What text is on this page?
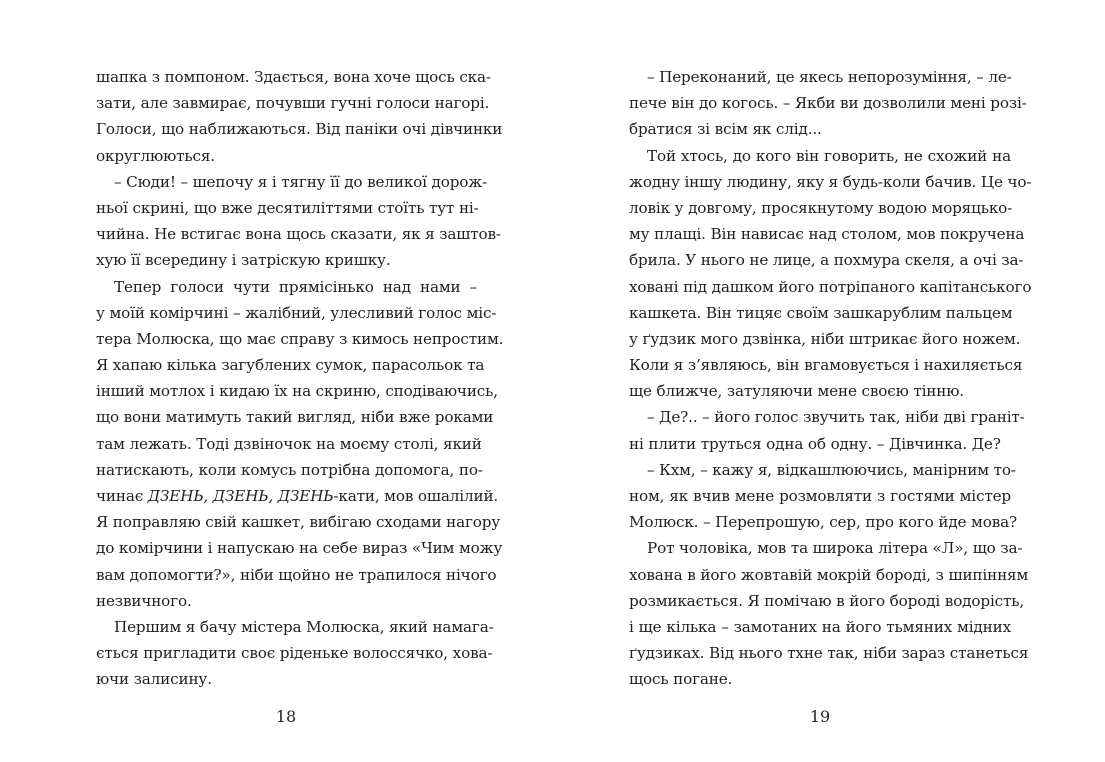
шапка з помпоном. Здається, вона хоче щось ска-
зати, але завмирає, почувши гучні голоси нагорі.
Голоси, що наближаються. Від паніки очі дівчинки
округлюються.
– Сюди! – шепочу я і тягну її до великої дорож-
ньої скрині, що вже десятиліттями стоїть тут ні-
чийна. Не встигає вона щось сказати, як я заштов-
хую її всередину і затріскую кришку.
Тепер голоси чути прямісінько над нами –
у моїй комірчині – жалібний, улесливий голос міс-
тера Молюска, що має справу з кимось непростим.
Я хапаю кілька загублених сумок, парасольок та
інший мотлох і кидаю їх на скриню, сподіваючись,
що вони матимуть такий вигляд, ніби вже роками
там лежать. Тоді дзвіночок на моєму столі, який
натискають, коли комусь потрібна допомога, по-
чинає ДЗЕНЬ, ДЗЕНЬ, ДЗЕНЬ-кати, мов ошалілий.
Я поправляю свій кашкет, вибігаю сходами нагору
до комірчини і напускаю на себе вираз «Чим можу
вам допомогти?», ніби щойно не трапилося нічого
незвичного.
Першим я бачу містера Молюска, який намага-
ється пригладити своє ріденьке волоссячко, хова-
ючи залисину.
18
– Переконаний, це якесь непорозуміння, – ле-
пече він до когось. – Якби ви дозволили мені розі-
братися зі всім як слід...
Той хтось, до кого він говорить, не схожий на
жодну іншу людину, яку я будь-коли бачив. Це чо-
ловік у довгому, просякнутому водою моряцько-
му плащі. Він нависає над столом, мов покручена
брила. У нього не лице, а похмура скеля, а очі за-
ховані під дашком його потріпаного капітанського
кашкета. Він тицяє своїм зашкарублим пальцем
у ґудзик мого дзвінка, ніби штрикає його ножем.
Коли я з’являюсь, він вгамовується і нахиляється
ще ближче, затуляючи мене своєю тінню.
– Де?.. – його голос звучить так, ніби дві граніт-
ні плити труться одна об одну. – Дівчинка. Де?
– Кхм, – кажу я, відкашлюючись, манірним то-
ном, як вчив мене розмовляти з гостями містер
Молюск. – Перепрошую, сер, про кого йде мова?
Рот чоловіка, мов та широка літера «Л», що за-
хована в його жовтавій мокрій бороді, з шипінням
розмикається. Я помічаю в його бороді водорість,
і ще кілька – замотаних на його тьмяних мідних
ґудзиках. Від нього тхне так, ніби зараз станеться
щось погане.
19
